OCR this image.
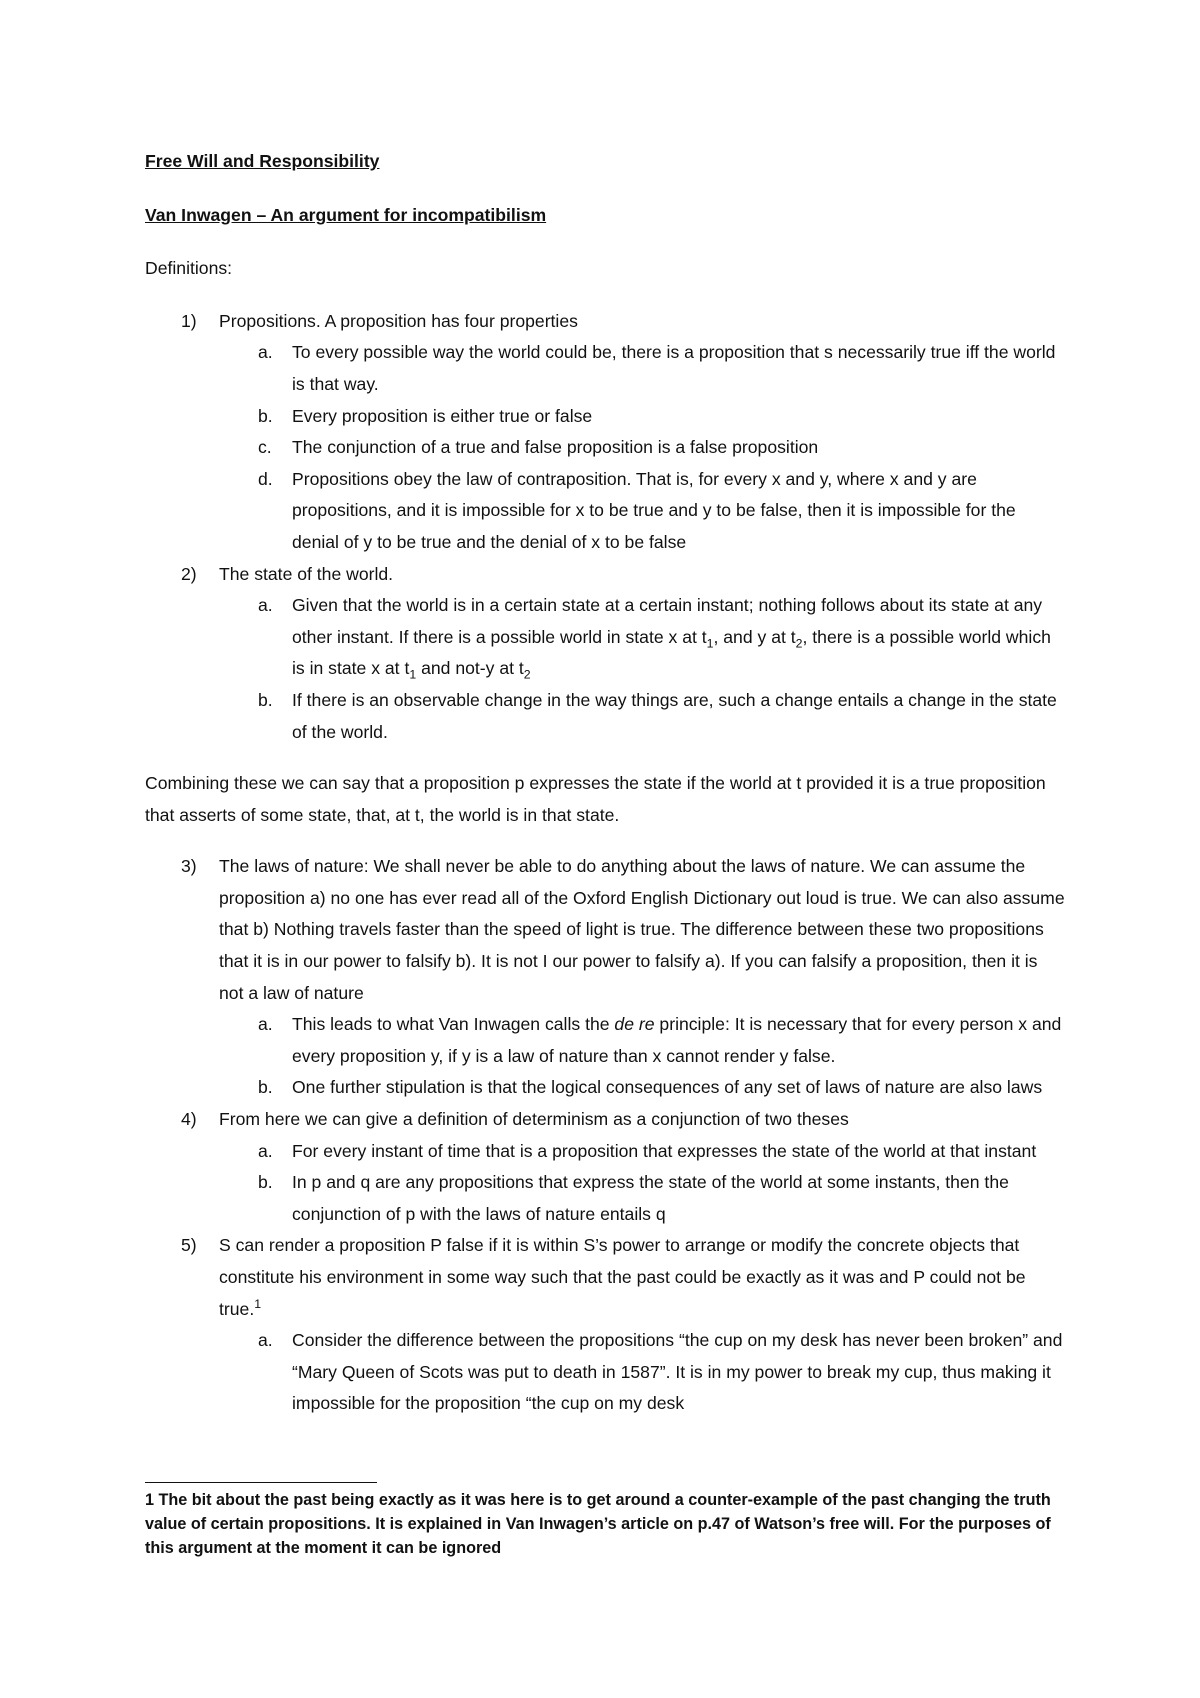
Free Will and Responsibility
Van Inwagen – An argument for incompatibilism
Definitions:
1) Propositions. A proposition has four properties
a. To every possible way the world could be, there is a proposition that s necessarily true iff the world is that way.
b. Every proposition is either true or false
c. The conjunction of a true and false proposition is a false proposition
d. Propositions obey the law of contraposition. That is, for every x and y, where x and y are propositions, and it is impossible for x to be true and y to be false, then it is impossible for the denial of y to be true and the denial of x to be false
2) The state of the world.
a. Given that the world is in a certain state at a certain instant; nothing follows about its state at any other instant. If there is a possible world in state x at $t_1$, and y at $t_2$, there is a possible world which is in state x at $t_1$ and not-y at $t_2$
b. If there is an observable change in the way things are, such a change entails a change in the state of the world.
Combining these we can say that a proposition p expresses the state if the world at t provided it is a true proposition that asserts of some state, that, at t, the world is in that state.
3) The laws of nature: We shall never be able to do anything about the laws of nature. We can assume the proposition a) no one has ever read all of the Oxford English Dictionary out loud is true. We can also assume that b) Nothing travels faster than the speed of light is true. The difference between these two propositions that it is in our power to falsify b). It is not I our power to falsify a). If you can falsify a proposition, then it is not a law of nature
a. This leads to what Van Inwagen calls the de re principle: It is necessary that for every person x and every proposition y, if y is a law of nature than x cannot render y false.
b. One further stipulation is that the logical consequences of any set of laws of nature are also laws
4) From here we can give a definition of determinism as a conjunction of two theses
a. For every instant of time that is a proposition that expresses the state of the world at that instant
b. In p and q are any propositions that express the state of the world at some instants, then the conjunction of p with the laws of nature entails q
5) S can render a proposition P false if it is within S’s power to arrange or modify the concrete objects that constitute his environment in some way such that the past could be exactly as it was and P could not be true.$^1$
a. Consider the difference between the propositions “the cup on my desk has never been broken” and “Mary Queen of Scots was put to death in 1587”. It is in my power to break my cup, thus making it impossible for the proposition “the cup on my desk
1 The bit about the past being exactly as it was here is to get around a counter-example of the past changing the truth value of certain propositions. It is explained in Van Inwagen’s article on p.47 of Watson’s free will. For the purposes of this argument at the moment it can be ignored
